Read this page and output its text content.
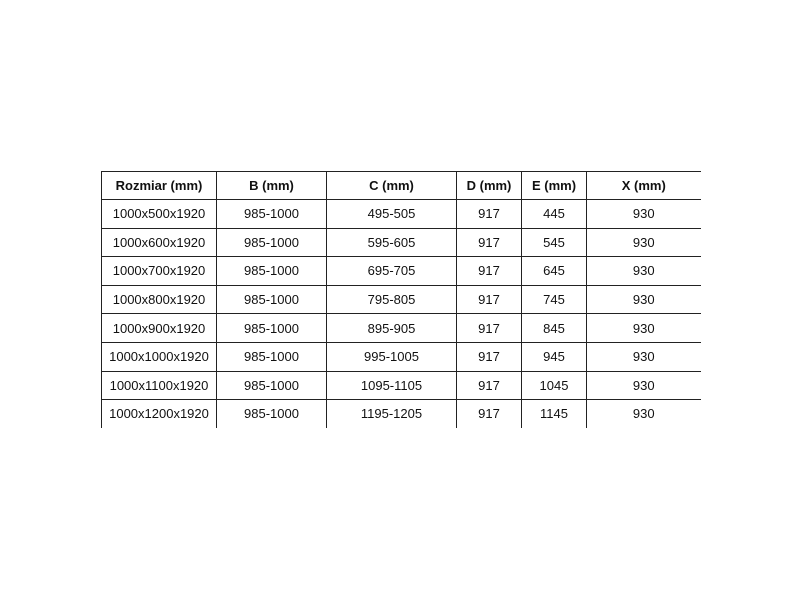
Rozmiar (mm)	B (mm)	C (mm)	D (mm)	E (mm)	X (mm)
1000x500x1920	985-1000	495-505	917	445	930
1000x600x1920	985-1000	595-605	917	545	930
1000x700x1920	985-1000	695-705	917	645	930
1000x800x1920	985-1000	795-805	917	745	930
1000x900x1920	985-1000	895-905	917	845	930
1000x1000x1920	985-1000	995-1005	917	945	930
1000x1100x1920	985-1000	1095-1105	917	1045	930
1000x1200x1920	985-1000	1195-1205	917	1145	930
